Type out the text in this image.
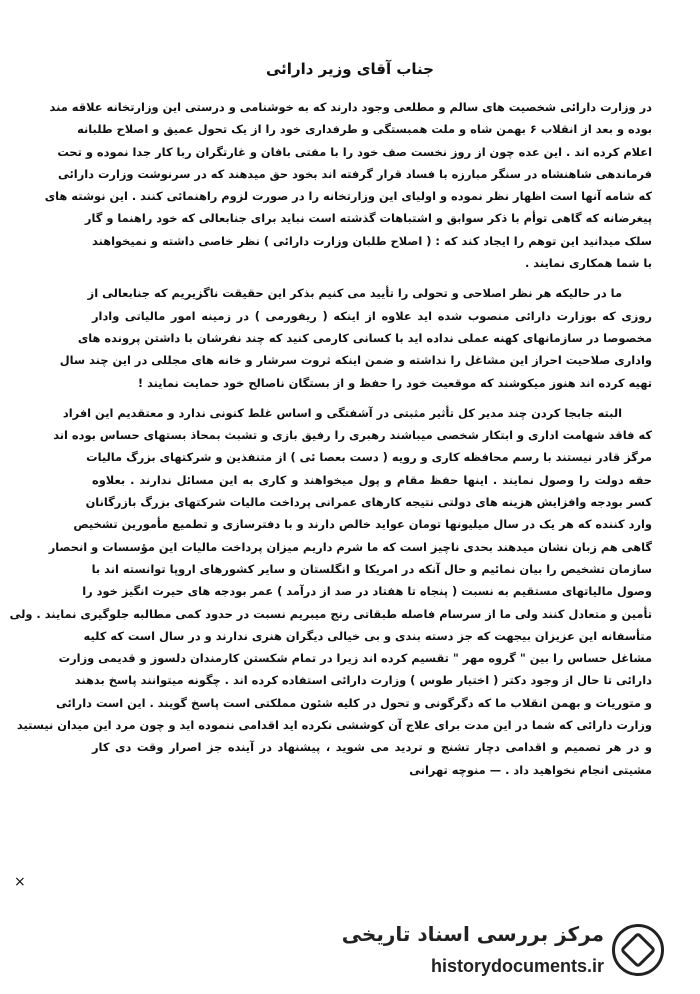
جناب آقای وزیر دارائی
در وزارت دارائی شخصیت های سالم و مطلعی وجود دارند که به خوشنامی و درستی این وزارتخانه علاقه مند
بوده و بعد از انقلاب ۶ بهمن شاه و ملت همبستگی و طرفداری خود را از یک تحول عمیق و اصلاح طلبانه
اعلام کرده اند . این عده چون از روز نخست صف خود را با مفتی بافان و غارتگران ربا کار جدا نموده و تحت
فرماندهی شاهنشاه در سنگر مبارزه با فساد قرار گرفته اند بخود حق میدهند که در سرنوشت وزارت دارائی
که شامه آنها است اظهار نظر نموده و اولیای این وزارتخانه را در صورت لزوم راهنمائی کنند . این نوشته های
پیغرضانه که گاهی توأم با ذکر سوابق و اشتباهات گذشته است نباید برای جنابعالی که خود راهنما و گار
سلک میدانید این توهم را ایجاد کند که : ( اصلاح طلبان وزارت دارائی ) نظر خاصی داشته و نمیخواهند
با شما همکاری نمایند .
ما در حالیکه هر نظر اصلاحی و تحولی را تأیید می کنیم بذکر این حقیقت ناگزیریم که جنابعالی از
روزی که بوزارت دارائی منصوب شده اید علاوه از اینکه ( ریفورمی ) در زمینه امور مالیاتی وادار
مخصوصا در سازمانهای کهنه عملی نداده اید با کسانی کارمی کنید که چند نفرشان با داشتن پرونده های
واداری صلاحیت احراز این مشاغل را نداشته و ضمن اینکه ثروت سرشار و خانه های مجللی در این چند سال
تهیه کرده اند هنوز میکوشند که موقعیت خود را حفظ و از بستگان ناصالح خود حمایت نمایند !
البته جابجا کردن چند مدیر کل تأثیر مثبتی در آشفتگی و اساس غلط کنونی ندارد و معتقدیم این افراد
که فاقد شهامت اداری و ابتکار شخصی میباشند رهبری را رفیق بازی و تشبث بمحاذ بستهای حساس بوده اند
مرگز قادر نیستند با رسم محافظه کاری و رویه ( دست بعصا ئی ) از متنفذین و شرکتهای بزرگ مالیات
حقه دولت را وصول نمایند . اینها حفظ مقام و پول میخواهند و کاری به این مسائل ندارند . بعلاوه
کسر بودجه وافزایش هزینه های دولتی نتیجه کارهای عمرانی پرداخت مالیات شرکتهای بزرگ بازرگانان
وارد کننده که هر یک در سال میلیونها تومان عواید خالص دارند و با دفترسازی و تطمیع مأمورین تشخیص
گاهی هم زبان نشان میدهند بحدی ناچیز است که ما شرم داریم میزان پرداخت مالیات این مؤسسات و انحصار
سازمان تشخیص را بیان نمائیم و حال آنکه در امریکا و انگلستان و سایر کشورهای اروپا توانسته اند با
وصول مالیاتهای مستقیم به نسبت ( پنجاه تا هفتاد در صد از درآمد ) عمر بودجه های حیرت انگیز خود را
تأمین و متعادل کنند ولی ما از سرسام فاصله طبقاتی رنج میبریم نسبت در حدود کمی مطالبه جلوگیری نمایند . ولی
متأسفانه این عزیزان بیجهت که جز دسته بندی و بی خیالی دیگران هنری ندارند و در سال است که کلیه
مشاغل حساس را بین " گروه مهر " تقسیم کرده اند زیرا در تمام شکستن کارمندان دلسوز و قدیمی وزارت
دارائی تا حال از وجود دکتر ( اختیار طوس ) وزارت دارائی استفاده کرده اند . چگونه میتوانند پاسخ بدهند
و متوریات و بهمن انقلاب ما که دگرگونی و تحول در کلیه شئون مملکتی است پاسخ گویند . این است دارائی
وزارت دارائی که شما در این مدت برای علاج آن کوششی نکرده اید اقدامی ننموده اید و چون مرد این میدان نیستید
و در هر تصمیم و اقدامی دچار تشنج و تردید می شوید ، پیشنهاد در آینده جز اصرار وقت دی کار
مشیتی انجام نخواهید داد . — منوچه تهرانی
×
مرکز بررسی اسناد تاریخی
historydocuments.ir
